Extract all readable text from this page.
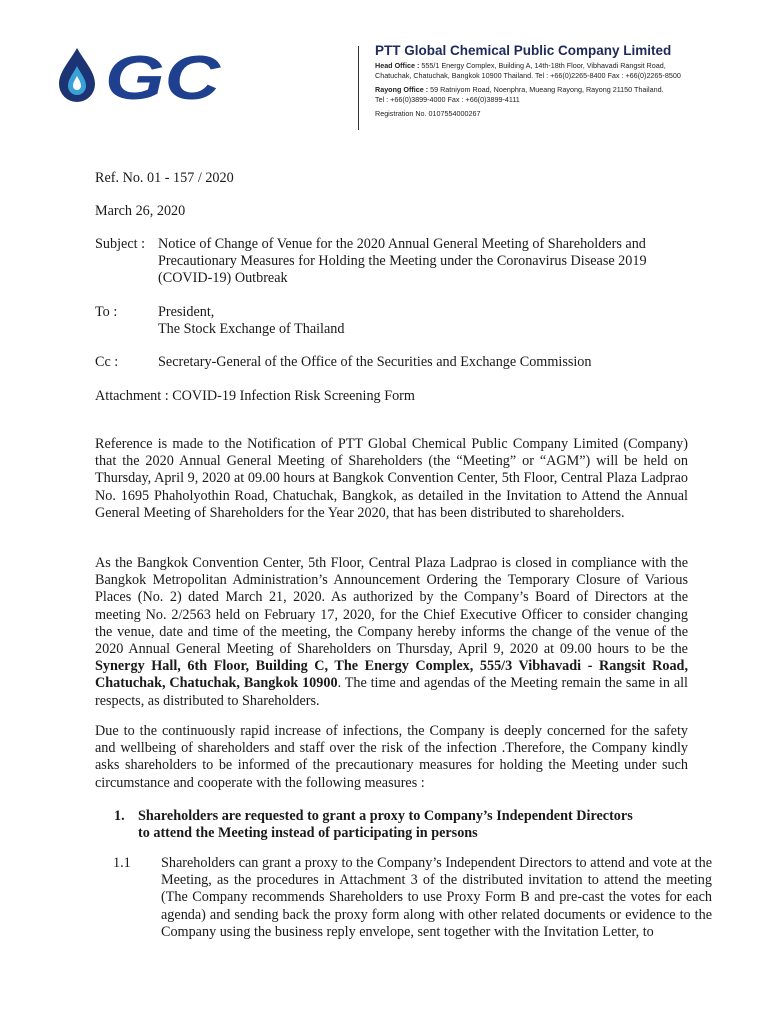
GC	PTT Global Chemical Public Company Limited
Head Office : 555/1 Energy Complex, Building A, 14th-18th Floor, Vibhavadi Rangsit Road,
Chatuchak, Chatuchak, Bangkok 10900 Thailand. Tel : +66(0)2265-8400 Fax : +66(0)2265-8500
Rayong Office : 59 Ratniyom Road, Noenphra, Mueang Rayong, Rayong 21150 Thailand.
Tel : +66(0)3899-4000 Fax : +66(0)3899-4111
Registration No. 0107554000267
Ref. No. 01 - 157 / 2020
March 26, 2020
Subject : Notice of Change of Venue for the 2020 Annual General Meeting of Shareholders and
Precautionary Measures for Holding the Meeting under the Coronavirus Disease 2019
(COVID-19) Outbreak
To :	President,
The Stock Exchange of Thailand
Cc :	Secretary-General of the Office of the Securities and Exchange Commission
Attachment : COVID-19 Infection Risk Screening Form

Reference is made to the Notification of PTT Global Chemical Public Company Limited (Company) that the 2020 Annual General Meeting of Shareholders (the “Meeting” or “AGM”) will be held on Thursday, April 9, 2020 at 09.00 hours at Bangkok Convention Center, 5th Floor, Central Plaza Ladprao No. 1695 Phaholyothin Road, Chatuchak, Bangkok, as detailed in the Invitation to Attend the Annual General Meeting of Shareholders for the Year 2020, that has been distributed to shareholders.

As the Bangkok Convention Center, 5th Floor, Central Plaza Ladprao is closed in compliance with the Bangkok Metropolitan Administration’s Announcement Ordering the Temporary Closure of Various Places (No. 2) dated March 21, 2020. As authorized by the Company’s Board of Directors at the meeting No. 2/2563 held on February 17, 2020, for the Chief Executive Officer to consider changing the venue, date and time of the meeting, the Company hereby informs the change of the venue of the 2020 Annual General Meeting of Shareholders on Thursday, April 9, 2020 at 09.00 hours to be the Synergy Hall, 6th Floor, Building C, The Energy Complex, 555/3 Vibhavadi - Rangsit Road, Chatuchak, Chatuchak, Bangkok 10900. The time and agendas of the Meeting remain the same in all respects, as distributed to Shareholders.

Due to the continuously rapid increase of infections, the Company is deeply concerned for the safety and wellbeing of shareholders and staff over the risk of the infection .Therefore, the Company kindly asks shareholders to be informed of the precautionary measures for holding the Meeting under such circumstance and cooperate with the following measures :

1. Shareholders are requested to grant a proxy to Company’s Independent Directors
to attend the Meeting instead of participating in persons
1.1 Shareholders can grant a proxy to the Company’s Independent Directors to attend and vote at the Meeting, as the procedures in Attachment 3 of the distributed invitation to attend the meeting (The Company recommends Shareholders to use Proxy Form B and pre-cast the votes for each agenda) and sending back the proxy form along with other related documents or evidence to the Company using the business reply envelope, sent together with the Invitation Letter, to
